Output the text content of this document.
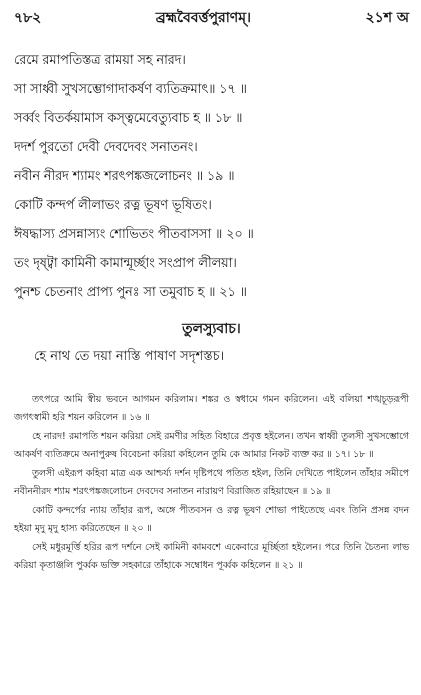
৭৮২	ব্রহ্মবৈবর্ত্তপুরাণম্‌।	২১শ অ
রেমে রমাপতিস্তত্র রাময়া সহ নারদ।
সা সাধ্বী সুখসম্ভোগাদাকর্ষণ ব্যতিক্রমাৎ॥ ১৭ ॥
সর্ব্বং বিতর্কয়ামাস কস্ত্বমেবেত্যুবাচ হ ॥ ১৮ ॥
দদর্শ পুরতো দেবী দেবদেবং সনাতনং।
নবীন নীরদ শ্যামং শরৎপঙ্কজলোচনং ॥ ১৯ ॥
কোটি কন্দর্প লীলাভং রত্ন ভূষণ ভূষিতং।
ঈষদ্ধাস্য প্রসন্নাস্যং শোভিতং পীতবাসসা ॥ ২০ ॥
তং দৃষ্ট্বা কামিনী কামান্মূর্চ্ছাং সংপ্রাপ লীলয়া।
পুনশ্চ চেতনাং প্রাপ্য পুনঃ সা তমুবাচ হ ॥ ২১ ॥
তুলস্যুবাচ।
হে নাথ তে দয়া নাস্তি পাষাণ সদৃশস্তচ।

তৎপরে আমি স্বীয় ভবনে আগমন করিলাম। শঙ্কর ও স্বধামে গমন করিলেন। এই বলিয়া শঙ্খচূড়রূপী জগৎস্বামী হরি শয়ন করিলেন ॥ ১৬ ॥

হে নারদ! রমাপতি শয়ন করিয়া সেই রমণীর সহিত বিহারে প্রবৃত্ত হইলেন। তখন স্বাধ্বী তুলসী সুখসম্ভোগে আকর্ষণ ব্যতিক্রমে অনাপুরুষ বিবেচনা করিয়া কহিলেন তুমি কে আমার নিকট ব্যক্ত কর ॥ ১৭। ১৮ ॥

তুলসী এইরূপ কহিবা মাত্র এক আশ্চর্য্য দর্শন দৃষ্টিপথে পতিত হইল, তিনি দেখিতে পাইলেন তাঁহার সমীপে নবীননীরদ শ্যাম শরৎপঙ্কজলোচন দেবদেব সনাতন নারায়ণ বিরাজিত রহিয়াছেন ॥ ১৯ ॥

কোটি কন্দর্পের ন্যায় তাঁহার রূপ, অঙ্গে পীতবসন ও রত্ন ভূষণ শোভা পাইতেছে এবং তিনি প্রসন্ন বদন হইয়া মৃদু মৃদু হাস্য করিতেছেন ॥ ২০ ॥

সেই মধুরমূর্ত্তি হরির রূপ দর্শনে সেই কামিনী কামবশে একেবারে মূর্চ্ছিতা হইলেন। পরে তিনি চৈতন্য লাভ করিয়া কৃতাঞ্জলি পুর্ব্বক ভক্তি সহকারে তাঁহাকে সম্বোধন পূর্ব্বক কহিলেন ॥ ২১ ॥
